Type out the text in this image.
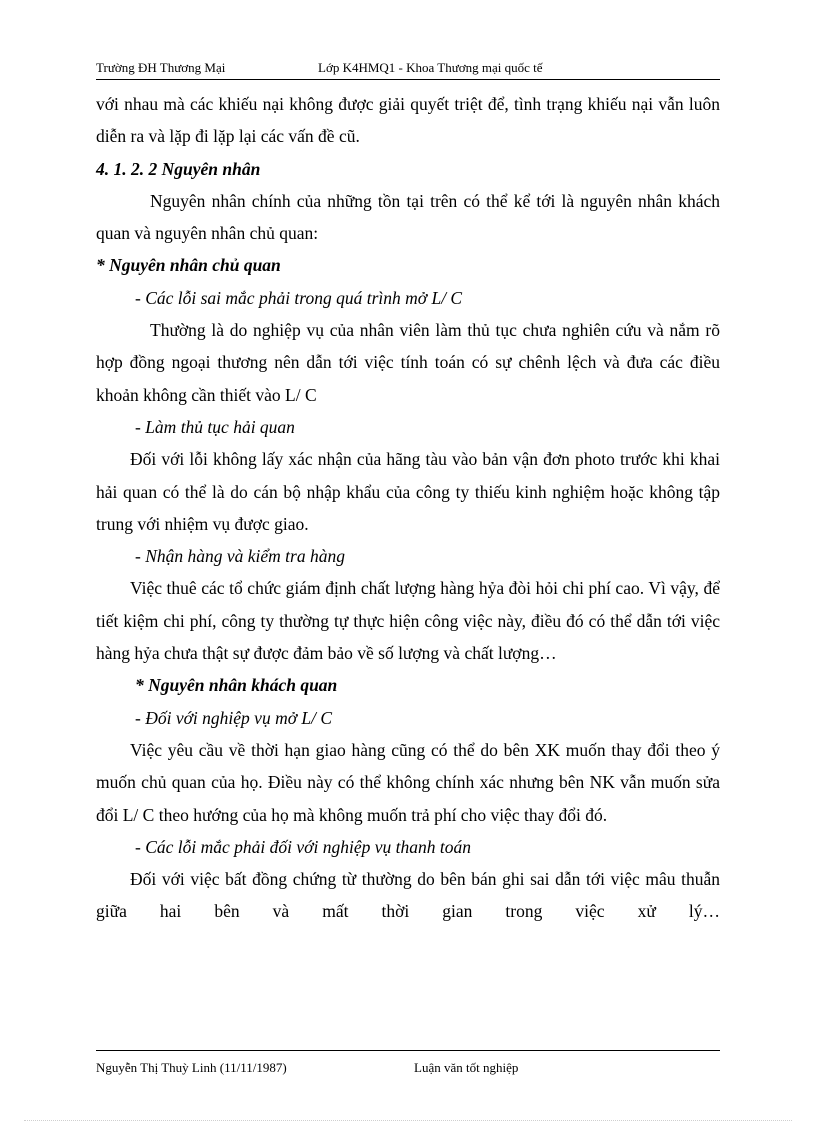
Trường ĐH Thương Mại	Lớp K4HMQ1 - Khoa Thương mại quốc tế

với nhau mà các khiếu nại không được giải quyết triệt để, tình trạng khiếu nại vẫn luôn diễn ra và lặp đi lặp lại các vấn đề cũ.

4. 1. 2. 2 Nguyên nhân

Nguyên nhân chính của những tồn tại trên có thể kể tới là nguyên nhân khách quan và nguyên nhân chủ quan:

* Nguyên nhân chủ quan

- Các lỗi sai mắc phải trong quá trình mở L/ C

Thường là do nghiệp vụ của nhân viên làm thủ tục chưa nghiên cứu và nắm rõ hợp đồng ngoại thương nên dẫn tới việc tính toán có sự chênh lệch và đưa các điều khoản không cần thiết vào L/ C

- Làm thủ tục hải quan

Đối với lỗi không lấy xác nhận của hãng tàu vào bản vận đơn photo trước khi khai hải quan có thể là do cán bộ nhập khẩu của công ty thiếu kinh nghiệm hoặc không tập trung với nhiệm vụ được giao.

- Nhận hàng và kiểm tra hàng

Việc thuê các tổ chức giám định chất lượng hàng hỷa đòi hỏi chi phí cao. Vì vậy, để tiết kiệm chi phí, công ty thường tự thực hiện công việc này, điều đó có thể dẫn tới việc hàng hỷa chưa thật sự được đảm bảo về số lượng và chất lượng…

* Nguyên nhân khách quan

- Đối với nghiệp vụ mở L/ C

Việc yêu cầu về thời hạn giao hàng cũng có thể do bên XK muốn thay đổi theo ý muốn chủ quan của họ. Điều này có thể không chính xác nhưng bên NK vẫn muốn sửa đổi L/ C theo hướng của họ mà không muốn trả phí cho việc thay đổi đó.

- Các lỗi mắc phải đối với nghiệp vụ thanh toán

Đối với việc bất đồng chứng từ thường do bên bán ghi sai dẫn tới việc mâu thuẫn giữa hai bên và mất thời gian trong việc xử lý…

Nguyễn Thị Thuỳ Linh (11/11/1987)	Luận văn tốt nghiệp
